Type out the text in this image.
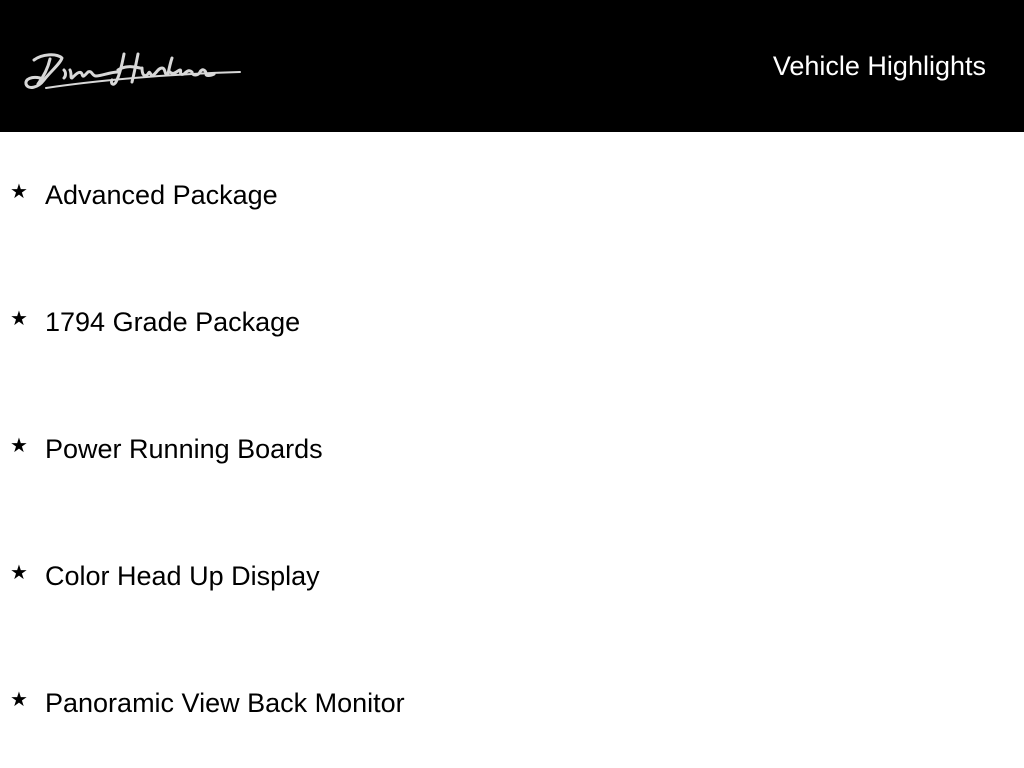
Vehicle Highlights
★ Advanced Package
★ 1794 Grade Package
★ Power Running Boards
★ Color Head Up Display
★ Panoramic View Back Monitor
